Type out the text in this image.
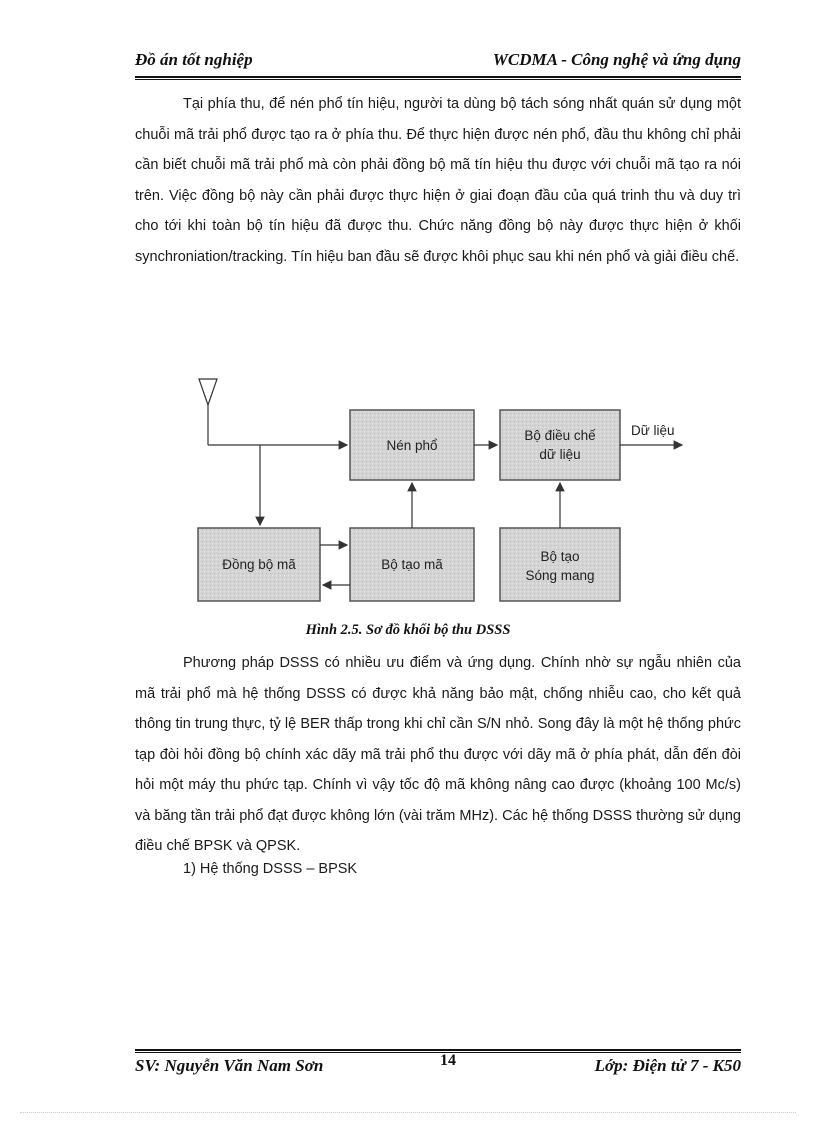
Đồ án tốt nghiệp	WCDMA - Công nghệ và ứng dụng

Tại phía thu, để nén phổ tín hiệu, người ta dùng bộ tách sóng nhất quán sử dụng một chuỗi mã trải phổ được tạo ra ở phía thu. Để thực hiện được nén phổ, đầu thu không chỉ phải cần biết chuỗi mã trải phổ mà còn phải đồng bộ mã tín hiệu thu được với chuỗi mã tạo ra nói trên. Việc đồng bộ này cần phải được thực hiện ở giai đoạn đầu của quá trinh thu và duy trì cho tới khi toàn bộ tín hiệu đã được thu. Chức năng đồng bộ này được thực hiện ở khối synchroniation/tracking. Tín hiệu ban đầu sẽ được khôi phục sau khi nén phổ và giải điều chế.

Nén phổ
Bộ điều chế
dữ liệu
Dữ liệu
Đồng bộ mã	Bộ tạo mã
Bộ tạo
Sóng mang
Hình 2.5. Sơ đồ khối bộ thu DSSS

Phương pháp DSSS có nhiều ưu điểm và ứng dụng. Chính nhờ sự ngẫu nhiên của mã trải phổ mà hệ thống DSSS có được khả năng bảo mật, chống nhiễu cao, cho kết quả thông tin trung thực, tỷ lệ BER thấp trong khi chỉ cần S/N nhỏ. Song đây là một hệ thống phức tạp đòi hỏi đồng bộ chính xác dãy mã trải phổ thu được với dãy mã ở phía phát, dẫn đến đòi hỏi một máy thu phức tạp. Chính vì vậy tốc độ mã không nâng cao được (khoảng 100 Mc/s) và băng tần trải phổ đạt được không lớn (vài trăm MHz). Các hệ thống DSSS thường sử dụng điều chế BPSK và QPSK.

1) Hệ thống DSSS – BPSK

SV: Nguyễn Văn Nam Sơn	14	Lớp: Điện tử 7 - K50
